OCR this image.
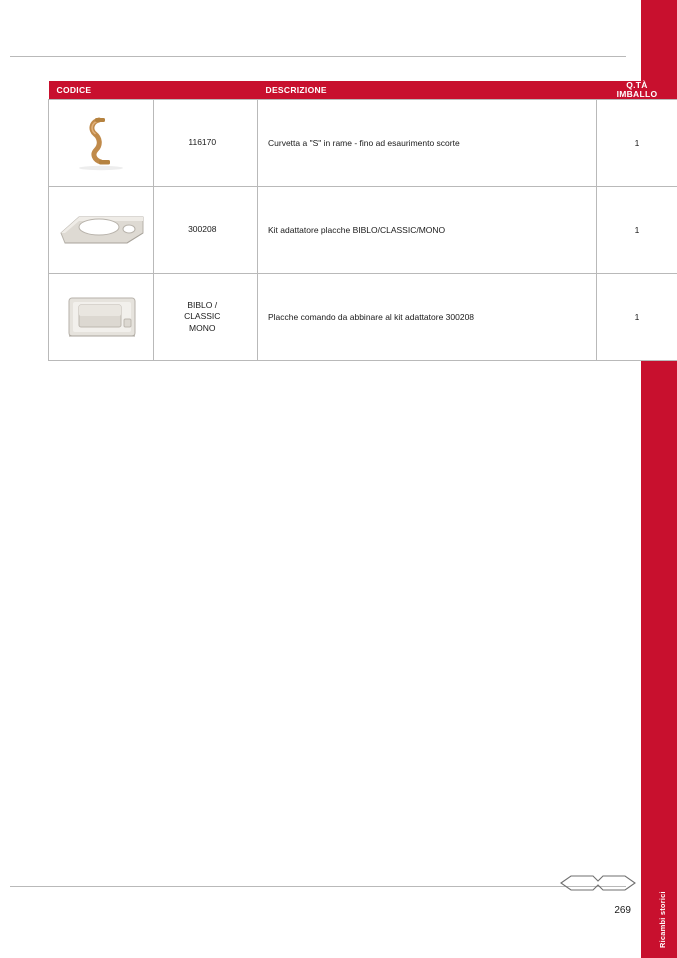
Ricambi storici
CODICE		DESCRIZIONE	Q.TÀ
IMBALLO

	116170	Curvetta a "S" in rame - fino ad esaurimento scorte	1

	300208	Kit adattatore placche BIBLO/CLASSIC/MONO	1

	BIBLO /
CLASSIC
MONO	Placche comando da abbinare al kit adattatore 300208	1
269
